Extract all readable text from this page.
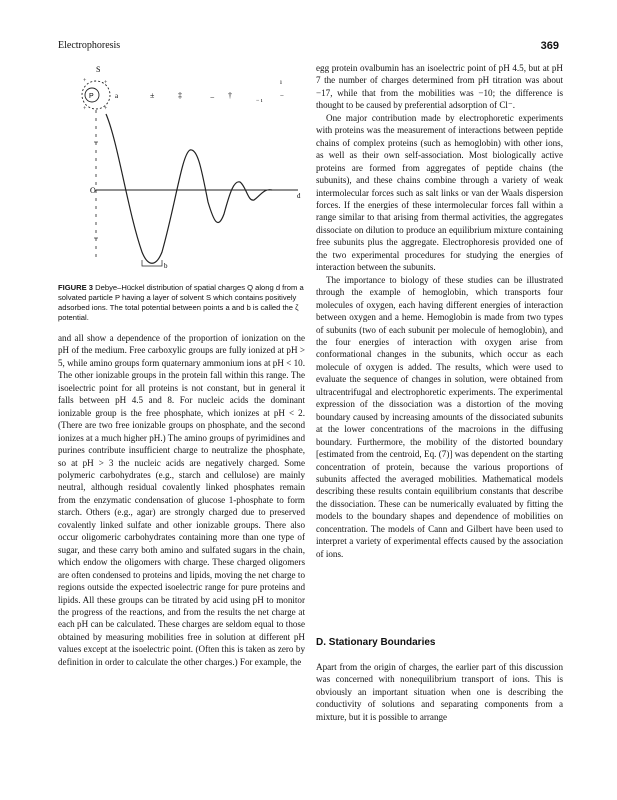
Electrophoresis	369
S
P
+	+
+
+
a	±	‡	− †
− ı
ı
−
O
d
b
FIGURE 3 Debye–Hückel distribution of spatial charges Q along d from a solvated particle P having a layer of solvent S which contains positively adsorbed ions. The total potential between points a and b is called the ζ potential.

and all show a dependence of the proportion of ionization on the pH of the medium. Free carboxylic groups are fully ionized at pH > 5, while amino groups form quaternary ammonium ions at pH < 10. The other ionizable groups in the protein fall within this range. The isoelectric point for all proteins is not constant, but in general it falls between pH 4.5 and 8. For nucleic acids the dominant ionizable group is the free phosphate, which ionizes at pH < 2. (There are two free ionizable groups on phosphate, and the second ionizes at a much higher pH.) The amino groups of pyrimidines and purines contribute insufficient charge to neutralize the phosphate, so at pH > 3 the nucleic acids are negatively charged. Some polymeric carbohydrates (e.g., starch and cellulose) are mainly neutral, although residual covalently linked phosphates remain from the enzymatic condensation of glucose 1-phosphate to form starch. Others (e.g., agar) are strongly charged due to preserved covalently linked sulfate and other ionizable groups. There also occur oligomeric carbohydrates containing more than one type of sugar, and these carry both amino and sulfated sugars in the chain, which endow the oligomers with charge. These charged oligomers are often condensed to proteins and lipids, moving the net charge to regions outside the expected isoelectric range for pure proteins and lipids. All these groups can be titrated by acid using pH to monitor the progress of the reactions, and from the results the net charge at each pH can be calculated. These charges are seldom equal to those obtained by measuring mobilities free in solution at different pH values except at the isoelectric point. (Often this is taken as zero by definition in order to calculate the other charges.) For example, the

egg protein ovalbumin has an isoelectric point of pH 4.5, but at pH 7 the number of charges determined from pH titration was about −17, while that from the mobilities was −10; the difference is thought to be caused by preferential adsorption of Cl⁻.

One major contribution made by electrophoretic experiments with proteins was the measurement of interactions between peptide chains of complex proteins (such as hemoglobin) with other ions, as well as their own self-association. Most biologically active proteins are formed from aggregates of peptide chains (the subunits), and these chains combine through a variety of weak intermolecular forces such as salt links or van der Waals dispersion forces. If the energies of these intermolecular forces fall within a range similar to that arising from thermal activities, the aggregates dissociate on dilution to produce an equilibrium mixture containing free subunits plus the aggregate. Electrophoresis provided one of the two experimental procedures for studying the energies of interaction between the subunits.

The importance to biology of these studies can be illustrated through the example of hemoglobin, which transports four molecules of oxygen, each having different energies of interaction between oxygen and a heme. Hemoglobin is made from two types of subunits (two of each subunit per molecule of hemoglobin), and the four energies of interaction with oxygen arise from conformational changes in the subunits, which occur as each molecule of oxygen is added. The results, which were used to evaluate the sequence of changes in solution, were obtained from ultracentrifugal and electrophoretic experiments. The experimental expression of the dissociation was a distortion of the moving boundary caused by increasing amounts of the dissociated subunits at the lower concentrations of the macroions in the diffusing boundary. Furthermore, the mobility of the distorted boundary [estimated from the centroid, Eq. (7)] was dependent on the starting concentration of protein, because the various proportions of subunits affected the averaged mobilities. Mathematical models describing these results contain equilibrium constants that describe the dissociation. These can be numerically evaluated by fitting the models to the boundary shapes and dependence of mobilities on concentration. The models of Cann and Gilbert have been used to interpret a variety of experimental effects caused by the association of ions.

D. Stationary Boundaries

Apart from the origin of charges, the earlier part of this discussion was concerned with nonequilibrium transport of ions. This is obviously an important situation when one is describing the conductivity of solutions and separating components from a mixture, but it is possible to arrange
